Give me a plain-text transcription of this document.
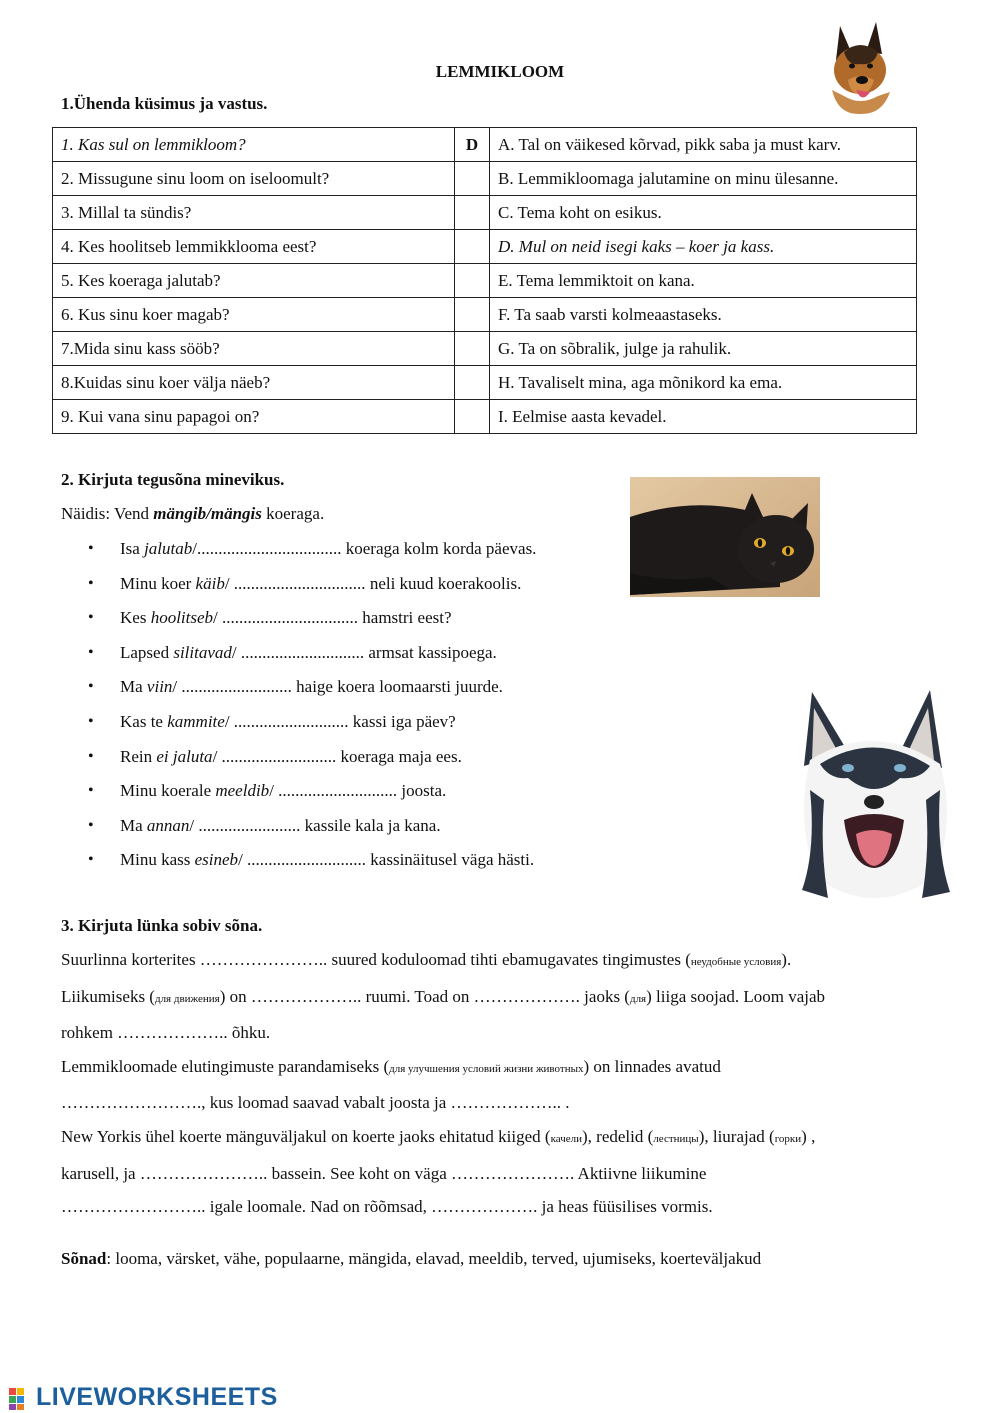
LEMMIKLOOM
1.Ühenda küsimus ja vastus.
1. Kas sul on lemmikloom?	D	A. Tal on väikesed kõrvad, pikk saba ja must karv.
2. Missugune sinu loom on iseloomult?		B. Lemmikloomaga jalutamine on minu ülesanne.
3. Millal ta sündis?		C. Tema koht on esikus.
4. Kes hoolitseb lemmikklooma eest?		D. Mul on neid isegi kaks – koer ja kass.
5. Kes koeraga jalutab?		E. Tema lemmiktoit on kana.
6. Kus sinu koer magab?		F. Ta saab varsti kolmeaastaseks.
7.Mida sinu kass sööb?		G. Ta on sõbralik, julge ja rahulik.
8.Kuidas sinu koer välja näeb?		H. Tavaliselt mina, aga mõnikord ka ema.
9. Kui vana sinu papagoi on?		I. Eelmise aasta kevadel.
2. Kirjuta tegusõna minevikus.
Näidis: Vend mängib/mängis koeraga.
• Isa jalutab/.................................. koeraga kolm korda päevas.
• Minu koer käib/ ............................... neli kuud koerakoolis.
• Kes hoolitseb/ ................................ hamstri eest?
• Lapsed silitavad/ ............................. armsat kassipoega.
• Ma viin/ .......................... haige koera loomaarsti juurde.
• Kas te kammite/ ........................... kassi iga päev?
• Rein ei jaluta/ ........................... koeraga maja ees.
• Minu koerale meeldib/ ............................ joosta.
• Ma annan/ ........................ kassile kala ja kana.
• Minu kass esineb/ ............................ kassinäitusel väga hästi.
3. Kirjuta lünka sobiv sõna.

Suurlinna korterites ………………….. suured koduloomad tihti ebamugavates tingimustes (неудобные условия).

Liikumiseks (для движения) on ……………….. ruumi. Toad on ………………. jaoks (для) liiga soojad. Loom vajab

rohkem ……………….. õhku.

Lemmikloomade elutingimuste parandamiseks (для улучшения условий жизни животных) on linnades avatud

……………………., kus loomad saavad vabalt joosta ja ……………….. .

New Yorkis ühel koerte mänguväljakul on koerte jaoks ehitatud kiiged (качели), redelid (лестницы), liurajad (горки) ,

karusell, ja ………………….. bassein. See koht on väga …………………. Aktiivne liikumine

…………………….. igale loomale. Nad on rõõmsad, ………………. ja heas füüsilises vormis.

Sõnad: looma, värsket, vähe, populaarne, mängida, elavad, meeldib, terved, ujumiseks, koerteväljakud
LIVEWORKSHEETS
